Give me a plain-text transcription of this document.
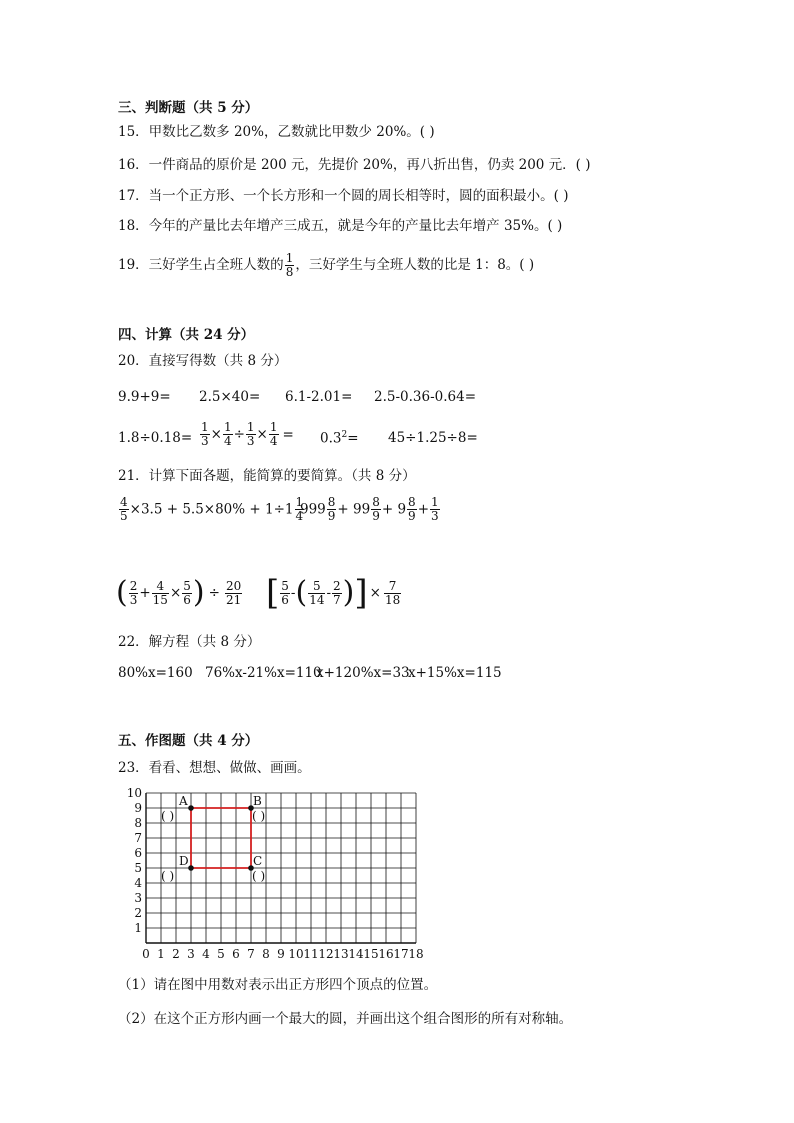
三、判断题（共 5 分）
15．甲数比乙数多 20%，乙数就比甲数少 20%。( )
16．一件商品的原价是 200 元，先提价 20%，再八折出售，仍卖 200 元．( )
17．当一个正方形、一个长方形和一个圆的周长相等时，圆的面积最小。( )
18．今年的产量比去年增产三成五，就是今年的产量比去年增产 35%。( )
19．三好学生占全班人数的 $\frac{1}{8}$ ，三好学生与全班人数的比是 1：8。( )
四、计算（共 24 分）
20．直接写得数（共 8 分）
9.9+9= 2.5×40= 6.1-2.01= 2.5-0.36-0.64=
$1.8\div 0.18= \frac{1}{3} \times \frac{1}{4} \div \frac{1}{3} \times \frac{1}{4} = 0.3^2= 45\div 1.25\div 8=$
21．计算下面各题，能简算的要简算。（共 8 分）
$\frac{4}{5} \times 3.5 + 5.5\times 80\% + 1\div 1 \frac{1}{4}$
$999 \frac{8}{9} + 99 \frac{8}{9} + 9 \frac{8}{9} + \frac{1}{3}$
( $\frac{2}{3} + \frac{4}{15} \times \frac{5}{6}$ ) ÷ $\frac{20}{21}$ [ $\frac{5}{6}$ -( $\frac{5}{14} - \frac{2}{7}$ )] × $\frac{7}{18}$
22．解方程（共 8 分）
80%x=160 76%x-21%x=110
x+120%x=33
x+15%x=115
五、作图题（共 4 分）
23．看看、想想、做做、画画。
0 1 2 3 4 5 6 7 8 9 10 11 12 13 14 15 16 17 18
1
2
3
4
5
6
7
8
9
10
A
( )
B
( )
C
( )
D
( )
（1）请在图中用数对表示出正方形四个顶点的位置。
（2）在这个正方形内画一个最大的圆，并画出这个组合图形的所有对称轴。
